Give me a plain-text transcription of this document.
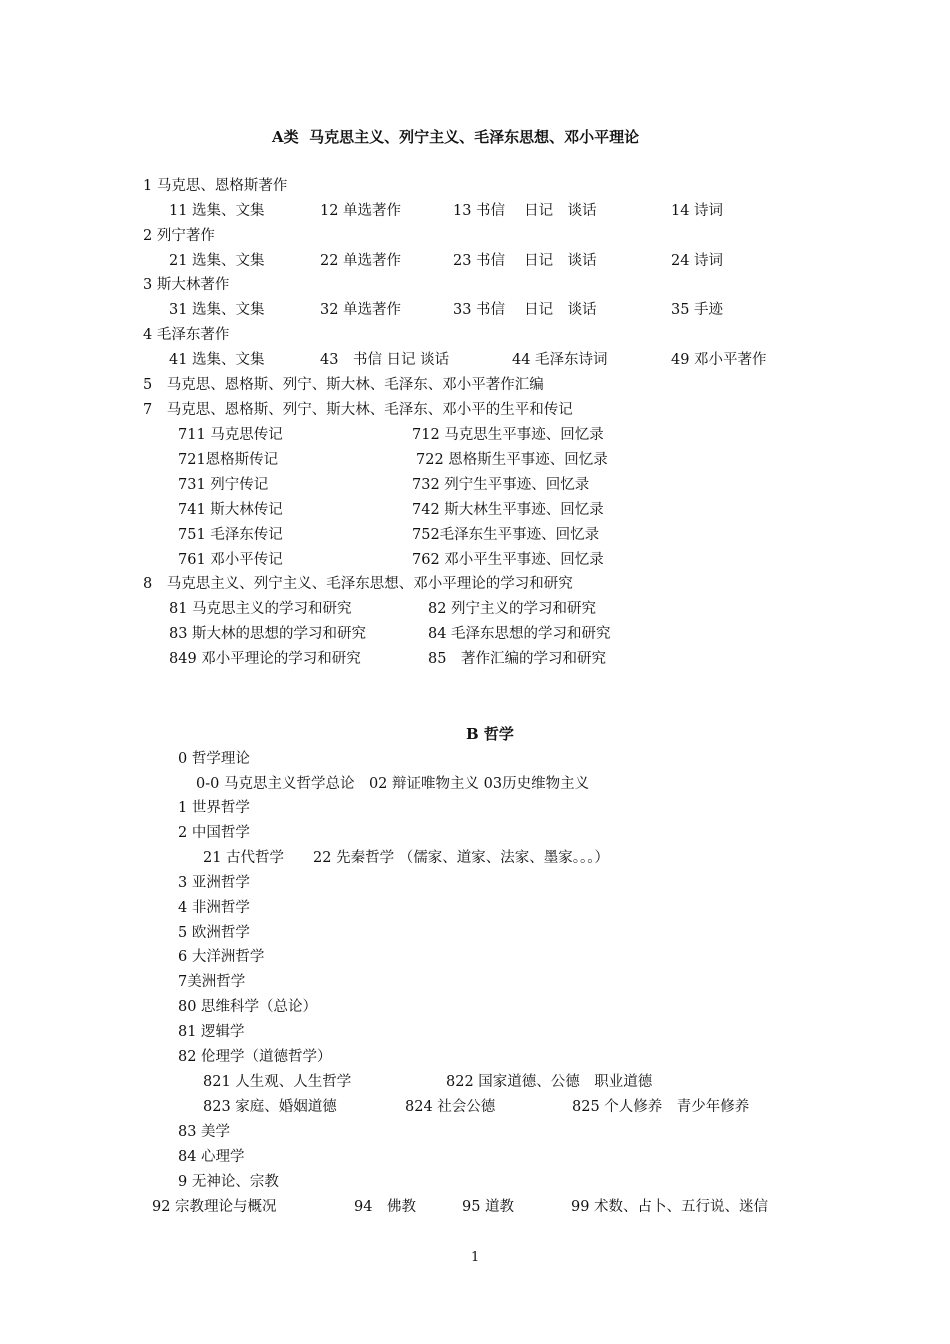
A类  马克思主义、列宁主义、毛泽东思想、邓小平理论
1 马克思、恩格斯著作
11 选集、文集	12 单选著作	13 书信　 日记　谈话	14 诗词
2 列宁著作
21 选集、文集	22 单选著作	23 书信　 日记　谈话	24 诗词
3 斯大林著作
31 选集、文集	32 单选著作	33 书信　 日记　谈话	35 手迹
4 毛泽东著作
41 选集、文集	43　书信 日记 谈话	44 毛泽东诗词	49 邓小平著作
5　马克思、恩格斯、列宁、斯大林、毛泽东、邓小平著作汇编
7　马克思、恩格斯、列宁、斯大林、毛泽东、邓小平的生平和传记
711 马克思传记	712 马克思生平事迹、回忆录
721恩格斯传记	722 恩格斯生平事迹、回忆录
731 列宁传记	732 列宁生平事迹、回忆录
741 斯大林传记	742 斯大林生平事迹、回忆录
751 毛泽东传记	752毛泽东生平事迹、回忆录
761 邓小平传记	762 邓小平生平事迹、回忆录
8　马克思主义、列宁主义、毛泽东思想、邓小平理论的学习和研究
81 马克思主义的学习和研究	82 列宁主义的学习和研究
83 斯大林的思想的学习和研究	84 毛泽东思想的学习和研究
849 邓小平理论的学习和研究	85　著作汇编的学习和研究
B 哲学
0 哲学理论
0-0 马克思主义哲学总论　02 辩证唯物主义 03历史维物主义
1 世界哲学
2 中国哲学
21 古代哲学　　22 先秦哲学 （儒家、道家、法家、墨家。。。）
3 亚洲哲学
4 非洲哲学
5 欧洲哲学
6 大洋洲哲学
7美洲哲学
80 思维科学（总论）
81 逻辑学
82 伦理学（道德哲学）
821 人生观、人生哲学	822 国家道德、公德　职业道德
823 家庭、婚姻道德	824 社会公德	825 个人修养　青少年修养
83 美学
84 心理学
9 无神论、宗教
92 宗教理论与概况	94　佛教	95 道教	99 术数、占卜、五行说、迷信
1
